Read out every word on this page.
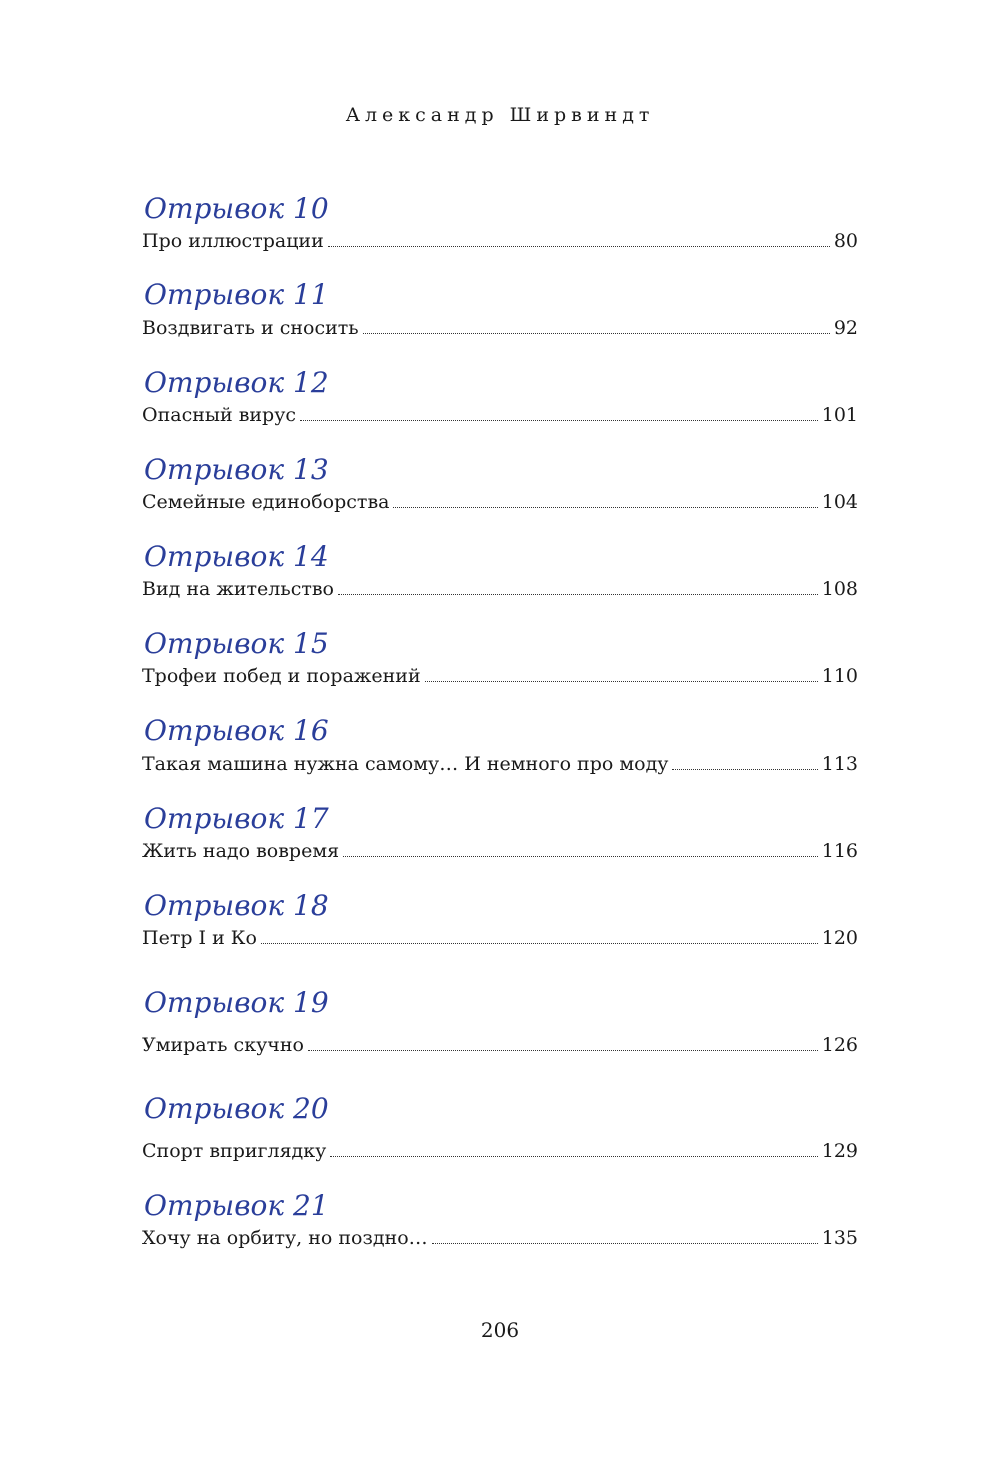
Александр Ширвиндт
Отрывок 10
Про иллюстрации	80
Отрывок 11
Воздвигать и сносить	92
Отрывок 12
Опасный вирус	101
Отрывок 13
Семейные единоборства	104
Отрывок 14
Вид на жительство	108
Отрывок 15
Трофеи побед и поражений	110
Отрывок 16
Такая машина нужна самому… И немного про моду	113
Отрывок 17
Жить надо вовремя	116
Отрывок 18
Петр I и Ко	120
Отрывок 19
Умирать скучно	126
Отрывок 20
Спорт вприглядку	129
Отрывок 21
Хочу на орбиту, но поздно…	135
206
